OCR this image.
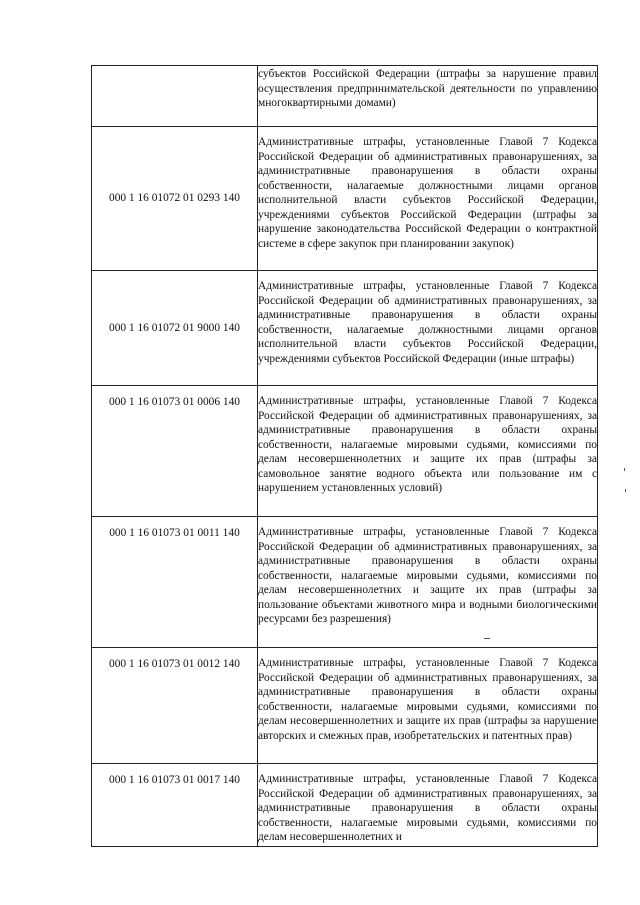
	субъектов Российской Федерации (штрафы за нарушение правил осуществления предпринимательской деятельности по управлению многоквартирными домами)
000 1 16 01072 01 0293 140	Административные штрафы, установленные Главой 7 Кодекса Российской Федерации об административных правонарушениях, за административные правонарушения в области охраны собственности, налагаемые должностными лицами органов исполнительной власти субъектов Российской Федерации, учреждениями субъектов Российской Федерации (штрафы за нарушение законодательства Российской Федерации о контрактной системе в сфере закупок при планировании закупок)
000 1 16 01072 01 9000 140	Административные штрафы, установленные Главой 7 Кодекса Российской Федерации об административных правонарушениях, за административные правонарушения в области охраны собственности, налагаемые должностными лицами органов исполнительной власти субъектов Российской Федерации, учреждениями субъектов Российской Федерации (иные штрафы)
000 1 16 01073 01 0006 140	Административные штрафы, установленные Главой 7 Кодекса Российской Федерации об административных правонарушениях, за административные правонарушения в области охраны собственности, налагаемые мировыми судьями, комиссиями по делам несовершеннолетних и защите их прав (штрафы за самовольное занятие водного объекта или пользование им с нарушением установленных условий)
000 1 16 01073 01 0011 140	Административные штрафы, установленные Главой 7 Кодекса Российской Федерации об административных правонарушениях, за административные правонарушения в области охраны собственности, налагаемые мировыми судьями, комиссиями по делам несовершеннолетних и защите их прав (штрафы за пользование объектами животного мира и водными биологическими ресурсами без разрешения)
000 1 16 01073 01 0012 140	Административные штрафы, установленные Главой 7 Кодекса Российской Федерации об административных правонарушениях, за административные правонарушения в области охраны собственности, налагаемые мировыми судьями, комиссиями по делам несовершеннолетних и защите их прав (штрафы за нарушение авторских и смежных прав, изобретательских и патентных прав)
000 1 16 01073 01 0017 140	Административные штрафы, установленные Главой 7 Кодекса Российской Федерации об административных правонарушениях, за административные правонарушения в области охраны собственности, налагаемые мировыми судьями, комиссиями по делам несовершеннолетних и
